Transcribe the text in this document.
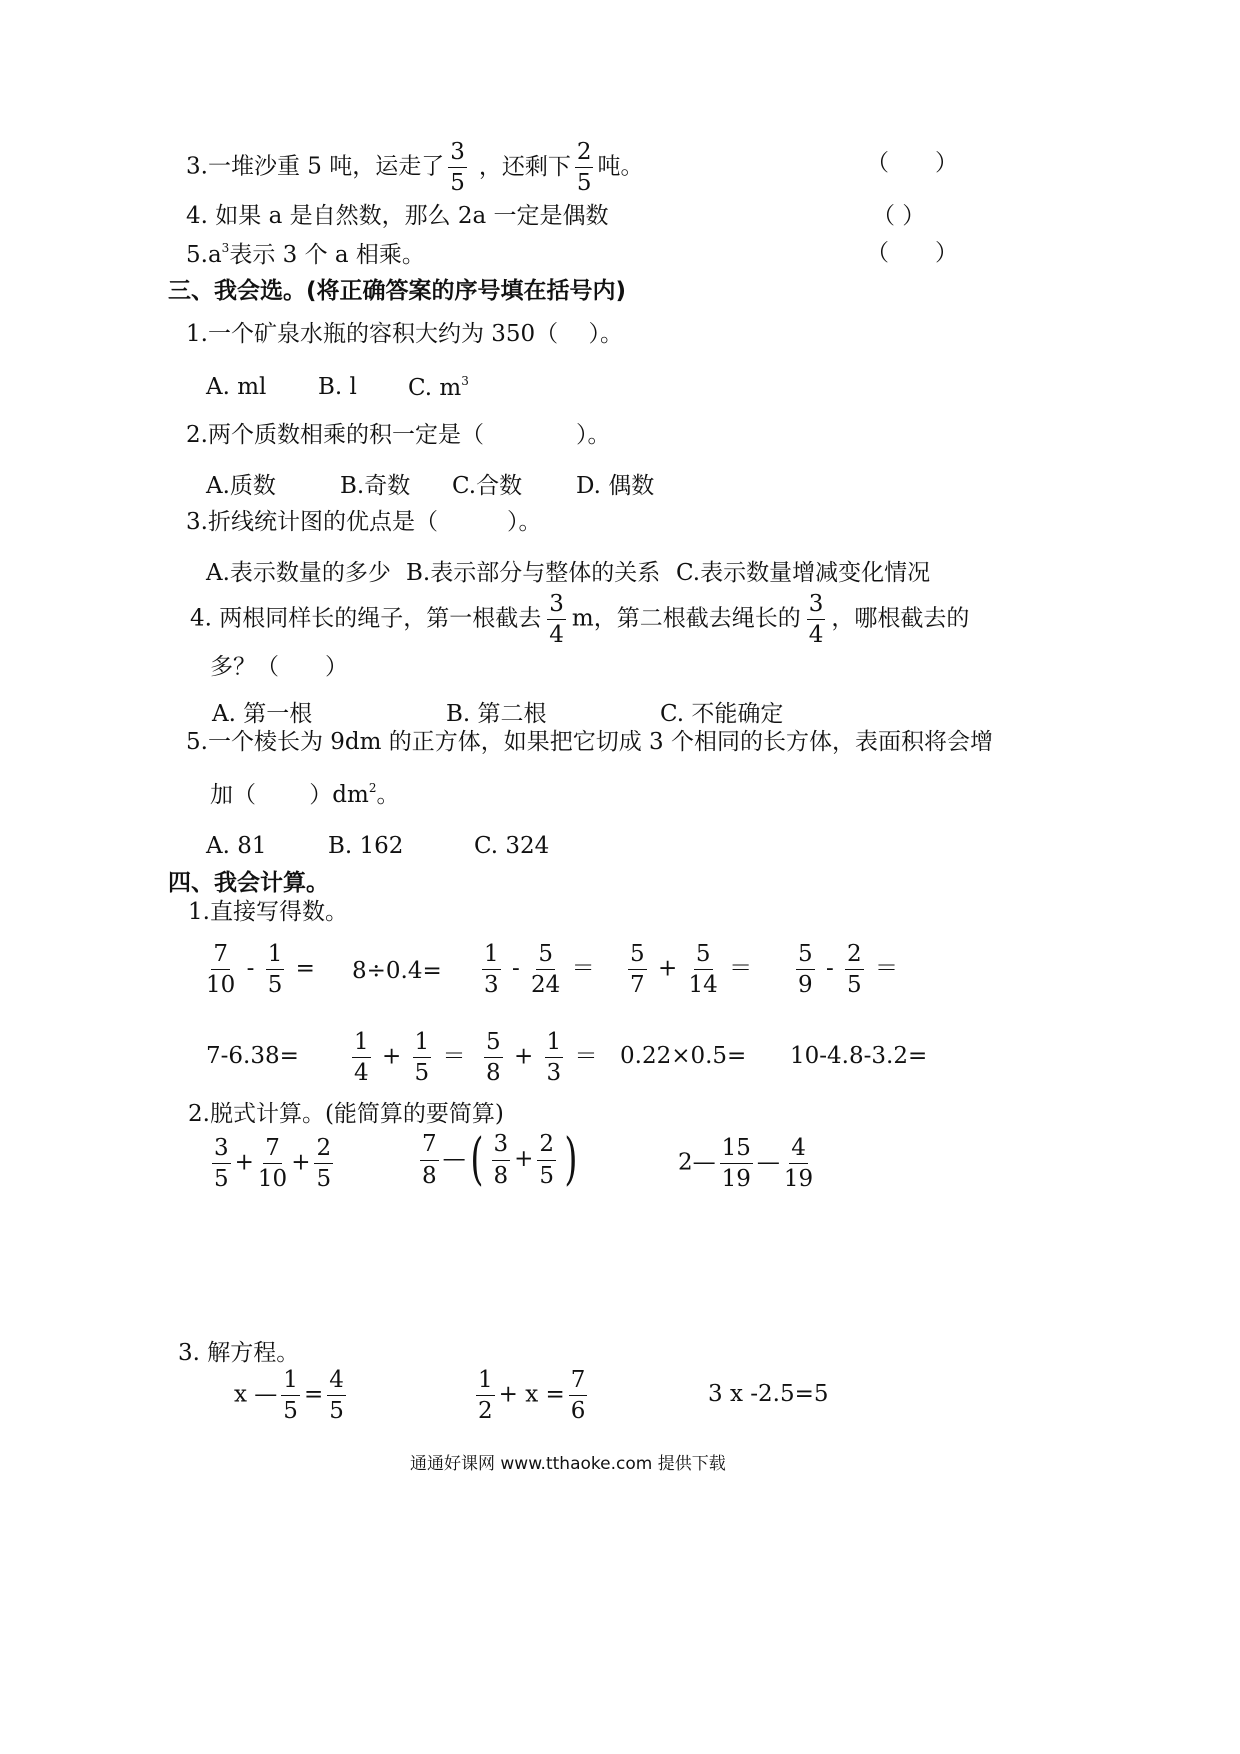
3.一堆沙重 5 吨，运走了 $\frac{3}{5}$ ，还剩下 $\frac{2}{5}$ 吨。	（　　）
4. 如果 a 是自然数，那么 2a 一定是偶数	（ ）
$5.a^3$表示 3 个 a 相乘。	（　　）
三、我会选。(将正确答案的序号填在括号内)
1.一个矿泉水瓶的容积大约为 350（　 ）。
A. ml B. l C. $m^3$
2.两个质数相乘的积一定是（　　　　）。
A.质数	B.奇数 C.合数 D. 偶数
3.折线统计图的优点是（　　　）。
A.表示数量的多少 B.表示部分与整体的关系 C.表示数量增减变化情况
4. 两根同样长的绳子，第一根截去 $\frac{3}{4}$ m，第二根截去绳长的 $\frac{3}{4}$ ，哪根截去的
多？（　　）
A. 第一根	B. 第二根	C. 不能确定
5.一个棱长为 9dm 的正方体，如果把它切成 3 个相同的长方体，表面积将会增
加（　　 ）$dm^2$。
A. 81	B. 162	C. 324
四、我会计算。
1.直接写得数。
$\frac{7}{10} - \frac{1}{5} = 8\div 0.4= \frac{1}{3} - \frac{5}{24} = \frac{5}{7} + \frac{5}{14} = \frac{5}{9} - \frac{2}{5}$ ＝
$7-6.38= \frac{1}{4} + \frac{1}{5} = \frac{5}{8} + \frac{1}{3} = 0.22\times 0.5= 10-4.8-3.2=$
2.脱式计算。(能简算的要简算)
$\frac{3}{5} + \frac{7}{10} + \frac{2}{5}$	$\frac{7}{8}$ —( $\frac{3}{8} + \frac{2}{5}$ )	2— $\frac{15}{19}$ — $\frac{4}{19}$
3. 解方程。
x — $\frac{1}{5} = \frac{4}{5}$	$\frac{1}{2} + x = \frac{7}{6}$	3 x -2.5=5
通通好课网 www.tthaoke.com 提供下载
